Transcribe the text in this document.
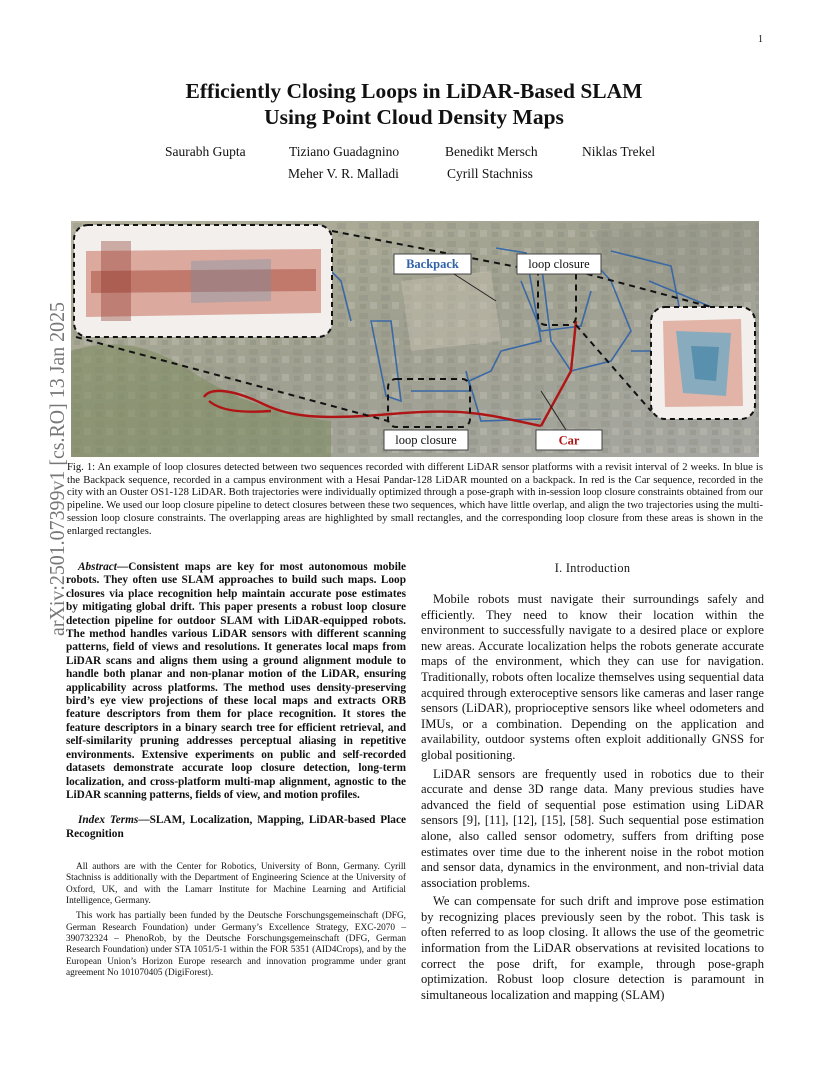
1
arXiv:2501.07399v1 [cs.RO] 13 Jan 2025
Efficiently Closing Loops in LiDAR-Based SLAM
Using Point Cloud Density Maps
Saurabh Gupta	Tiziano Guadagnino	Benedikt Mersch	Niklas Trekel
Meher V. R. Malladi	Cyrill Stachniss
Backpack	loop closure
loop closure	Car
Fig. 1: An example of loop closures detected between two sequences recorded with different LiDAR sensor platforms with a revisit interval of 2 weeks. In blue is the Backpack sequence, recorded in a campus environment with a Hesai Pandar-128 LiDAR mounted on a backpack. In red is the Car sequence, recorded in the city with an Ouster OS1-128 LiDAR. Both trajectories were individually optimized through a pose-graph with in-session loop closure constraints obtained from our pipeline. We used our loop closure pipeline to detect closures between these two sequences, which have little overlap, and align the two trajectories using the multi-session loop closure constraints. The overlapping areas are highlighted by small rectangles, and the corresponding loop closure from these areas is shown in the enlarged rectangles.
Abstract—Consistent maps are key for most autonomous mobile robots. They often use SLAM approaches to build such maps. Loop closures via place recognition help maintain accurate pose estimates by mitigating global drift. This paper presents a robust loop closure detection pipeline for outdoor SLAM with LiDAR-equipped robots. The method handles various LiDAR sensors with different scanning patterns, field of views and resolutions. It generates local maps from LiDAR scans and aligns them using a ground alignment module to handle both planar and non-planar motion of the LiDAR, ensuring applicability across platforms. The method uses density-preserving bird’s eye view projections of these local maps and extracts ORB feature descriptors from them for place recognition. It stores the feature descriptors in a binary search tree for efficient retrieval, and self-similarity pruning addresses perceptual aliasing in repetitive environments. Extensive experiments on public and self-recorded datasets demonstrate accurate loop closure detection, long-term localization, and cross-platform multi-map alignment, agnostic to the LiDAR scanning patterns, fields of view, and motion profiles.
Index Terms—SLAM, Localization, Mapping, LiDAR-based Place Recognition

All authors are with the Center for Robotics, University of Bonn, Germany. Cyrill Stachniss is additionally with the Department of Engineering Science at the University of Oxford, UK, and with the Lamarr Institute for Machine Learning and Artificial Intelligence, Germany.

This work has partially been funded by the Deutsche Forschungsgemeinschaft (DFG, German Research Foundation) under Germany’s Excellence Strategy, EXC-2070 – 390732324 – PhenoRob, by the Deutsche Forschungsgemeinschaft (DFG, German Research Foundation) under STA 1051/5-1 within the FOR 5351 (AID4Crops), and by the European Union’s Horizon Europe research and innovation programme under grant agreement No 101070405 (DigiForest).

I. Introduction

Mobile robots must navigate their surroundings safely and efficiently. They need to know their location within the environment to successfully navigate to a desired place or explore new areas. Accurate localization helps the robots generate accurate maps of the environment, which they can use for navigation. Traditionally, robots often localize themselves using sequential data acquired through exteroceptive sensors like cameras and laser range sensors (LiDAR), proprioceptive sensors like wheel odometers and IMUs, or a combination. Depending on the application and availability, outdoor systems often exploit additionally GNSS for global positioning.

LiDAR sensors are frequently used in robotics due to their accurate and dense 3D range data. Many previous studies have advanced the field of sequential pose estimation using LiDAR sensors [9], [11], [12], [15], [58]. Such sequential pose estimation alone, also called sensor odometry, suffers from drifting pose estimates over time due to the inherent noise in the robot motion and sensor data, dynamics in the environment, and non-trivial data association problems.

We can compensate for such drift and improve pose estimation by recognizing places previously seen by the robot. This task is often referred to as loop closing. It allows the use of the geometric information from the LiDAR observations at revisited locations to correct the pose drift, for example, through pose-graph optimization. Robust loop closure detection is paramount in simultaneous localization and mapping (SLAM)
